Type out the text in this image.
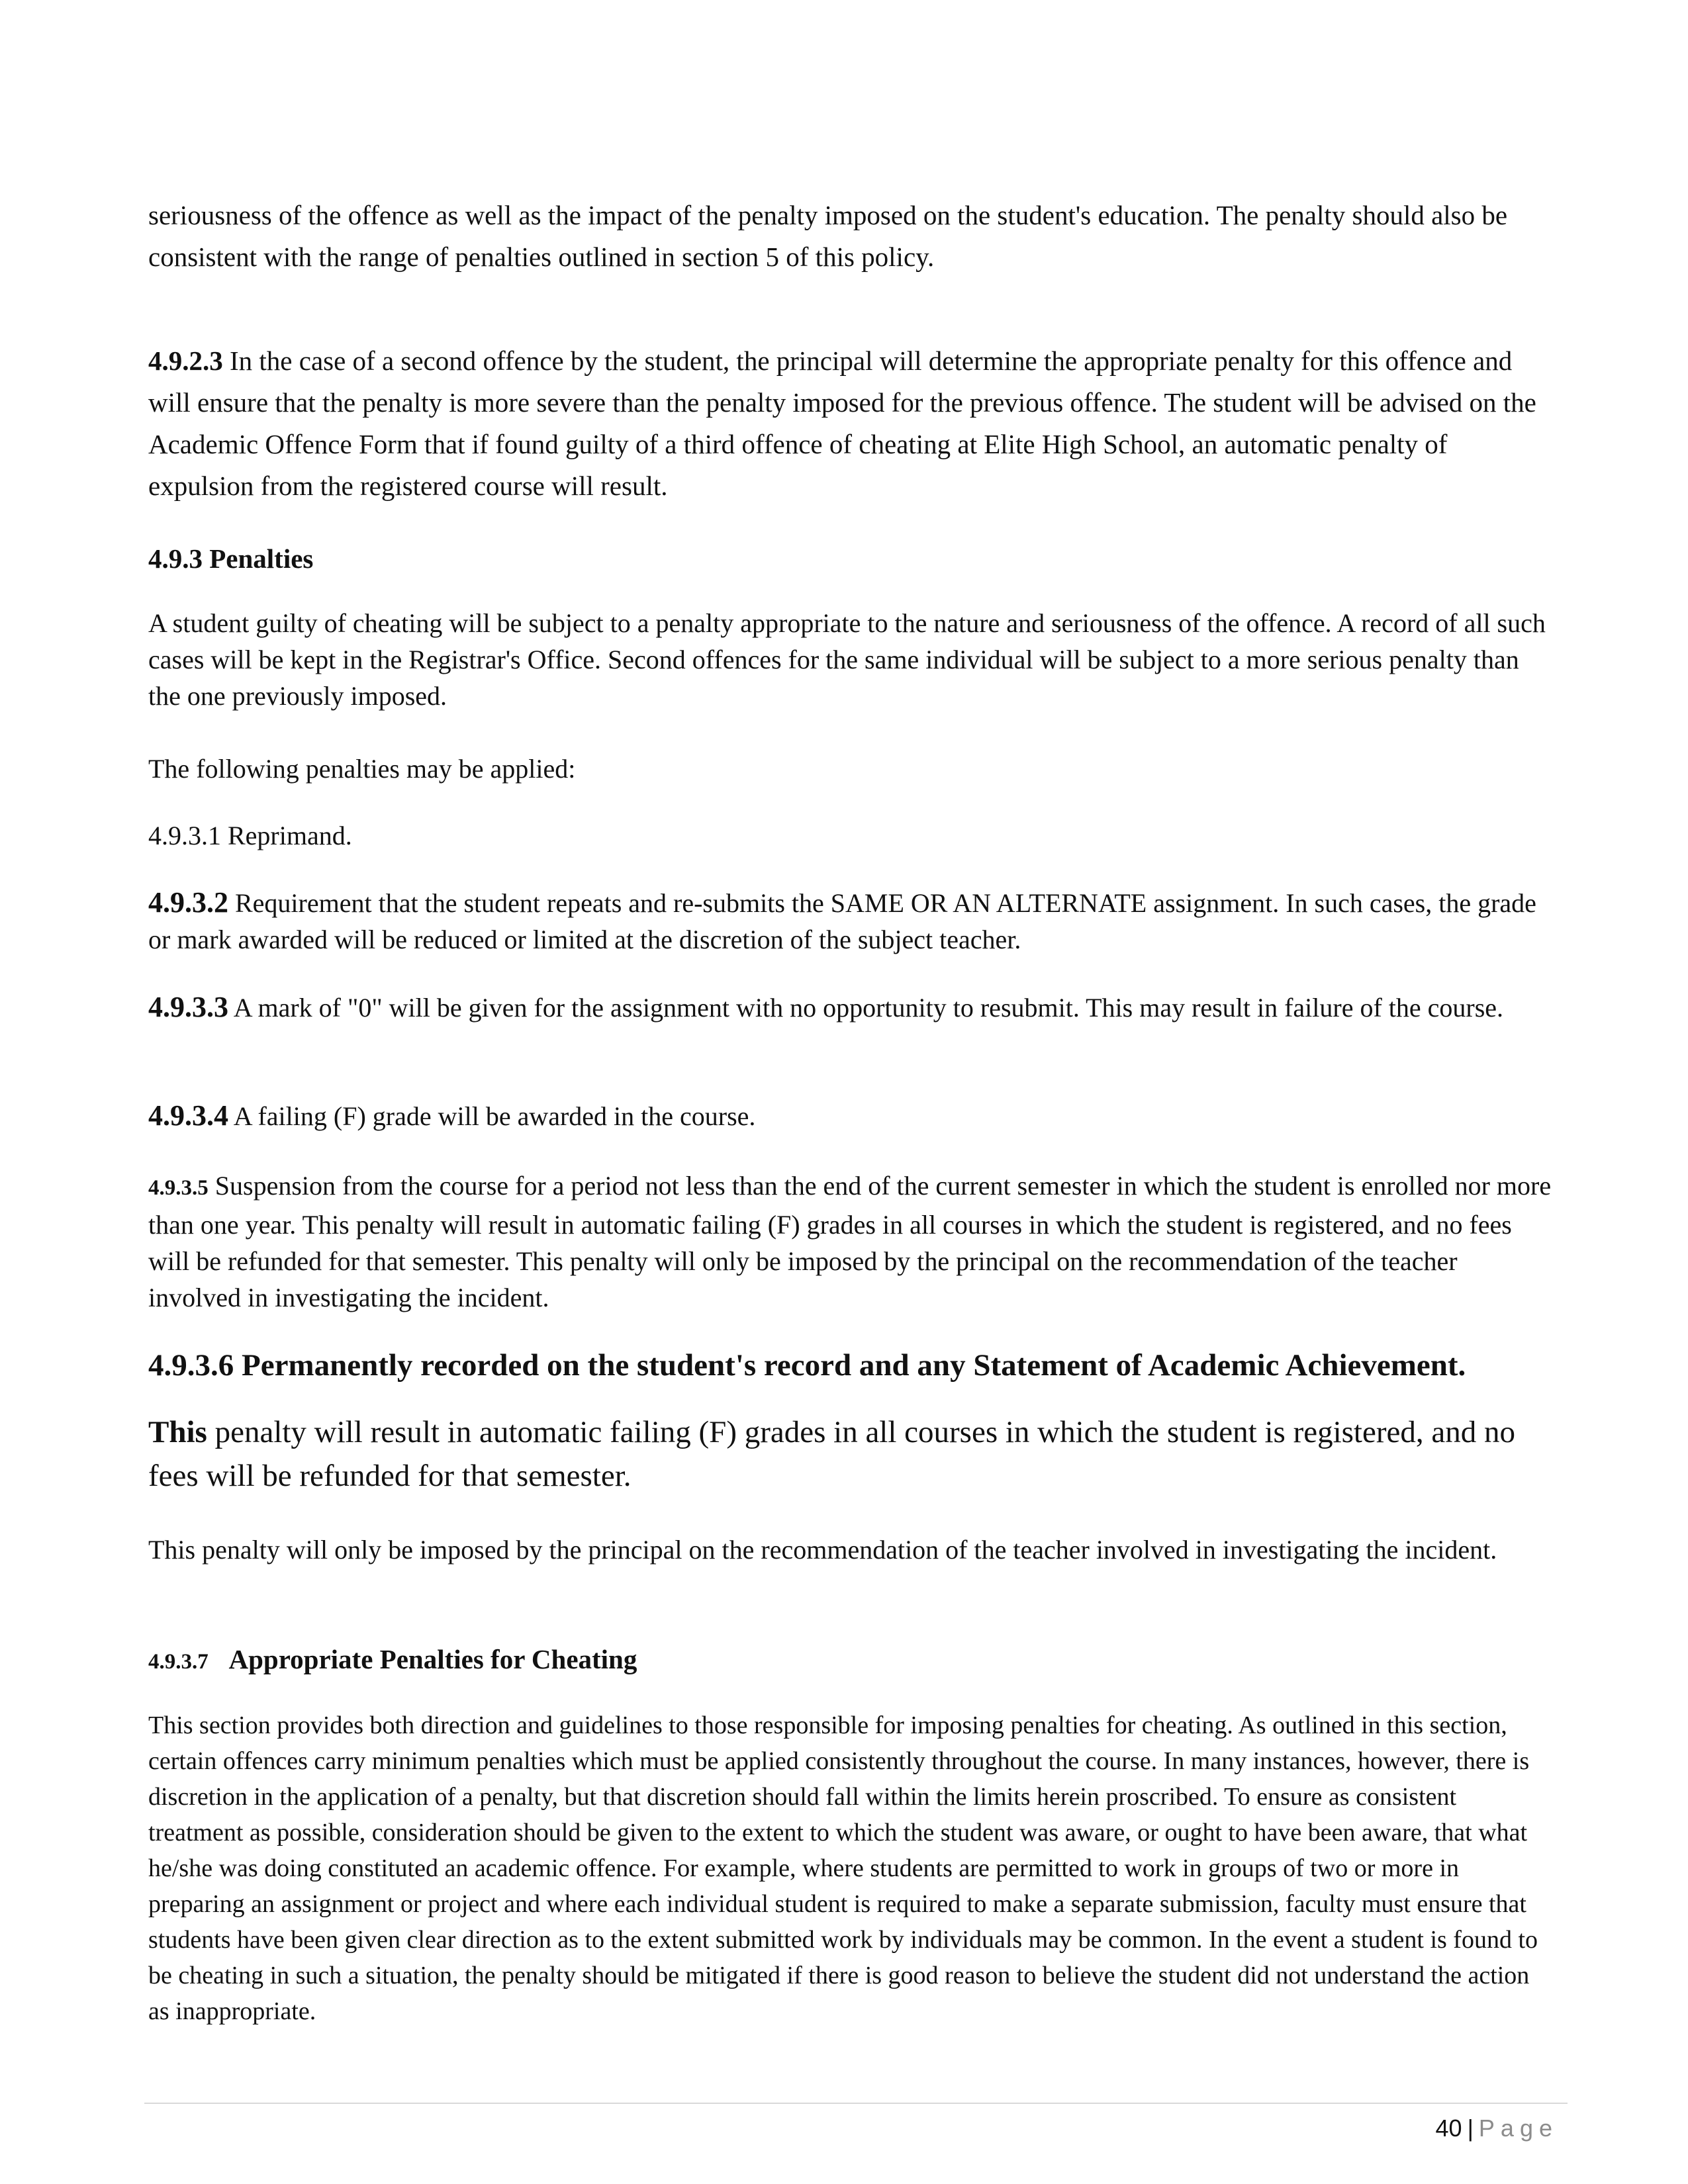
seriousness of the offence as well as the impact of the penalty imposed on the student's education. The penalty should also be consistent with the range of penalties outlined in section 5 of this policy.

4.9.2.3 In the case of a second offence by the student, the principal will determine the appropriate penalty for this offence and will ensure that the penalty is more severe than the penalty imposed for the previous offence. The student will be advised on the Academic Offence Form that if found guilty of a third offence of cheating at Elite High School, an automatic penalty of expulsion from the registered course will result.

4.9.3 Penalties

A student guilty of cheating will be subject to a penalty appropriate to the nature and seriousness of the offence. A record of all such cases will be kept in the Registrar's Office. Second offences for the same individual will be subject to a more serious penalty than the one previously imposed.

The following penalties may be applied:

4.9.3.1 Reprimand.

4.9.3.2 Requirement that the student repeats and re-submits the SAME OR AN ALTERNATE assignment. In such cases, the grade or mark awarded will be reduced or limited at the discretion of the subject teacher.

4.9.3.3 A mark of "0" will be given for the assignment with no opportunity to resubmit. This may result in failure of the course.

4.9.3.4 A failing (F) grade will be awarded in the course.

4.9.3.5 Suspension from the course for a period not less than the end of the current semester in which the student is enrolled nor more than one year. This penalty will result in automatic failing (F) grades in all courses in which the student is registered, and no fees will be refunded for that semester. This penalty will only be imposed by the principal on the recommendation of the teacher involved in investigating the incident.

4.9.3.6 Permanently recorded on the student's record and any Statement of Academic Achievement.

This penalty will result in automatic failing (F) grades in all courses in which the student is registered, and no fees will be refunded for that semester.

This penalty will only be imposed by the principal on the recommendation of the teacher involved in investigating the incident.

4.9.3.7 Appropriate Penalties for Cheating

This section provides both direction and guidelines to those responsible for imposing penalties for cheating. As outlined in this section, certain offences carry minimum penalties which must be applied consistently throughout the course. In many instances, however, there is discretion in the application of a penalty, but that discretion should fall within the limits herein proscribed. To ensure as consistent treatment as possible, consideration should be given to the extent to which the student was aware, or ought to have been aware, that what he/she was doing constituted an academic offence. For example, where students are permitted to work in groups of two or more in preparing an assignment or project and where each individual student is required to make a separate submission, faculty must ensure that students have been given clear direction as to the extent submitted work by individuals may be common. In the event a student is found to be cheating in such a situation, the penalty should be mitigated if there is good reason to believe the student did not understand the action as inappropriate.

40 | Page
